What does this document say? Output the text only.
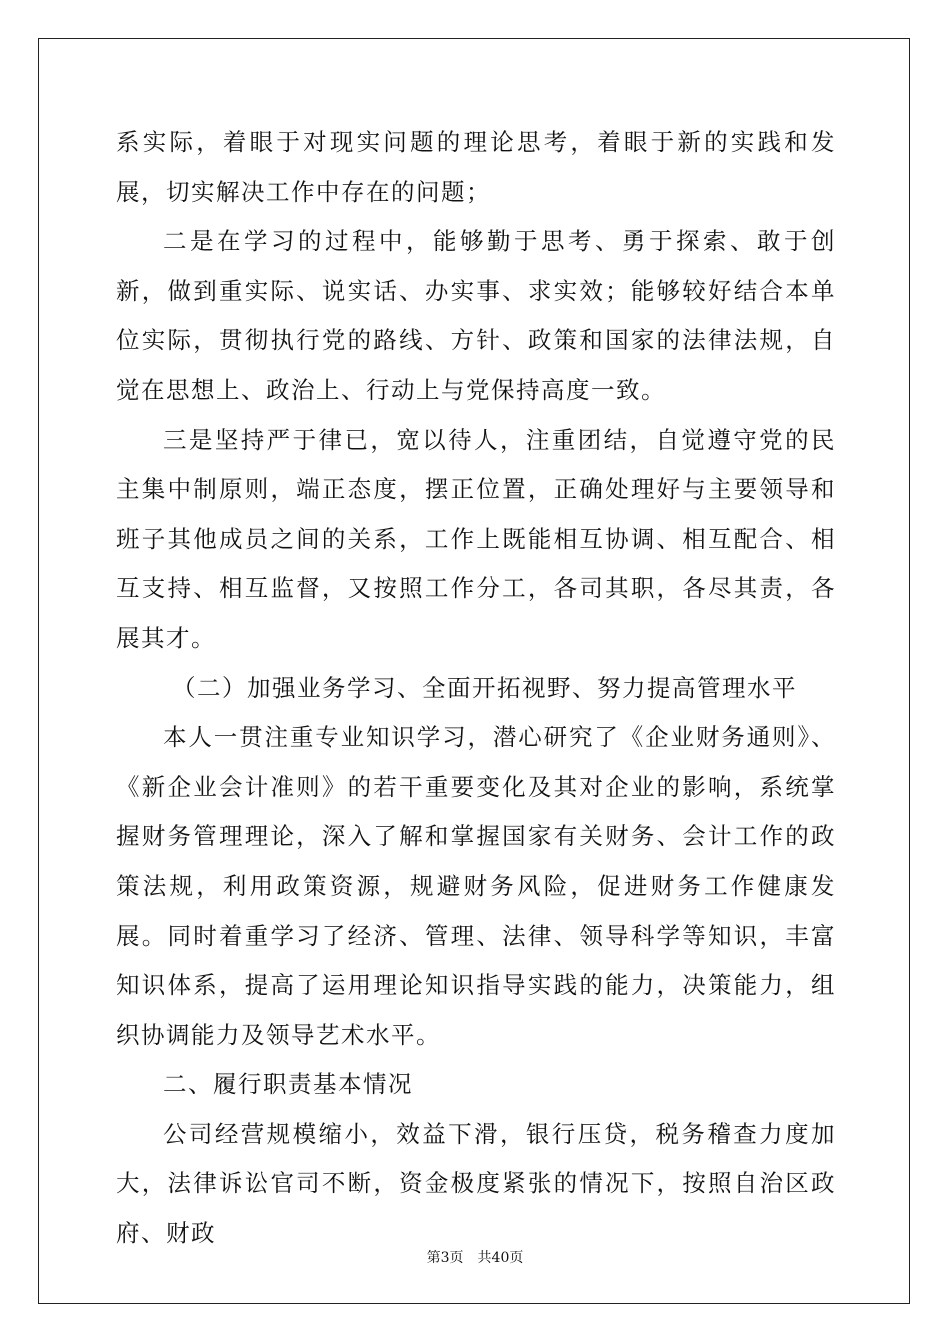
系实际，着眼于对现实问题的理论思考，着眼于新的实践和发展，切实解决工作中存在的问题；

二是在学习的过程中，能够勤于思考、勇于探索、敢于创新，做到重实际、说实话、办实事、求实效；能够较好结合本单位实际，贯彻执行党的路线、方针、政策和国家的法律法规，自觉在思想上、政治上、行动上与党保持高度一致。

三是坚持严于律已，宽以待人，注重团结，自觉遵守党的民主集中制原则，端正态度，摆正位置，正确处理好与主要领导和班子其他成员之间的关系，工作上既能相互协调、相互配合、相互支持、相互监督，又按照工作分工，各司其职，各尽其责，各展其才。

（二）加强业务学习、全面开拓视野、努力提高管理水平

本人一贯注重专业知识学习，潜心研究了《企业财务通则》、《新企业会计准则》的若干重要变化及其对企业的影响，系统掌握财务管理理论，深入了解和掌握国家有关财务、会计工作的政策法规，利用政策资源，规避财务风险，促进财务工作健康发展。同时着重学习了经济、管理、法律、领导科学等知识，丰富知识体系，提高了运用理论知识指导实践的能力，决策能力，组织协调能力及领导艺术水平。

二、履行职责基本情况

公司经营规模缩小，效益下滑，银行压贷，税务稽查力度加大，法律诉讼官司不断，资金极度紧张的情况下，按照自治区政府、财政

第3页 共40页
